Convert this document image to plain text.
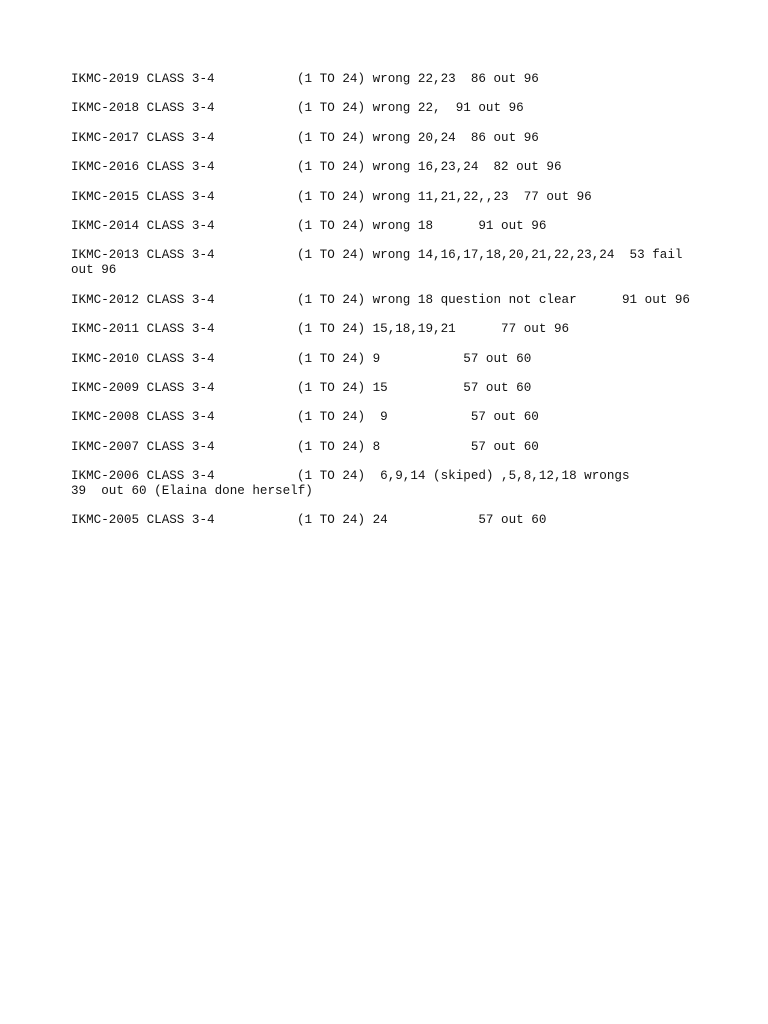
IKMC-2019 CLASS 3-4	(1 TO 24) wrong 22,23  86 out 96
IKMC-2018 CLASS 3-4	(1 TO 24) wrong 22,  91 out 96
IKMC-2017 CLASS 3-4	(1 TO 24) wrong 20,24  86 out 96
IKMC-2016 CLASS 3-4	(1 TO 24) wrong 16,23,24  82 out 96
IKMC-2015 CLASS 3-4	(1 TO 24) wrong 11,21,22,,23  77 out 96
IKMC-2014 CLASS 3-4	(1 TO 24) wrong 18      91 out 96
IKMC-2013 CLASS 3-4	(1 TO 24) wrong 14,16,17,18,20,21,22,23,24  53 fail
out 96
IKMC-2012 CLASS 3-4	(1 TO 24) wrong 18 question not clear      91 out 96
IKMC-2011 CLASS 3-4	(1 TO 24) 15,18,19,21      77 out 96
IKMC-2010 CLASS 3-4	(1 TO 24) 9           57 out 60
IKMC-2009 CLASS 3-4	(1 TO 24) 15          57 out 60
IKMC-2008 CLASS 3-4	(1 TO 24)  9           57 out 60
IKMC-2007 CLASS 3-4	(1 TO 24) 8            57 out 60
IKMC-2006 CLASS 3-4	(1 TO 24)  6,9,14 (skiped) ,5,8,12,18 wrongs
39  out 60 (Elaina done herself)
IKMC-2005 CLASS 3-4	(1 TO 24) 24            57 out 60
